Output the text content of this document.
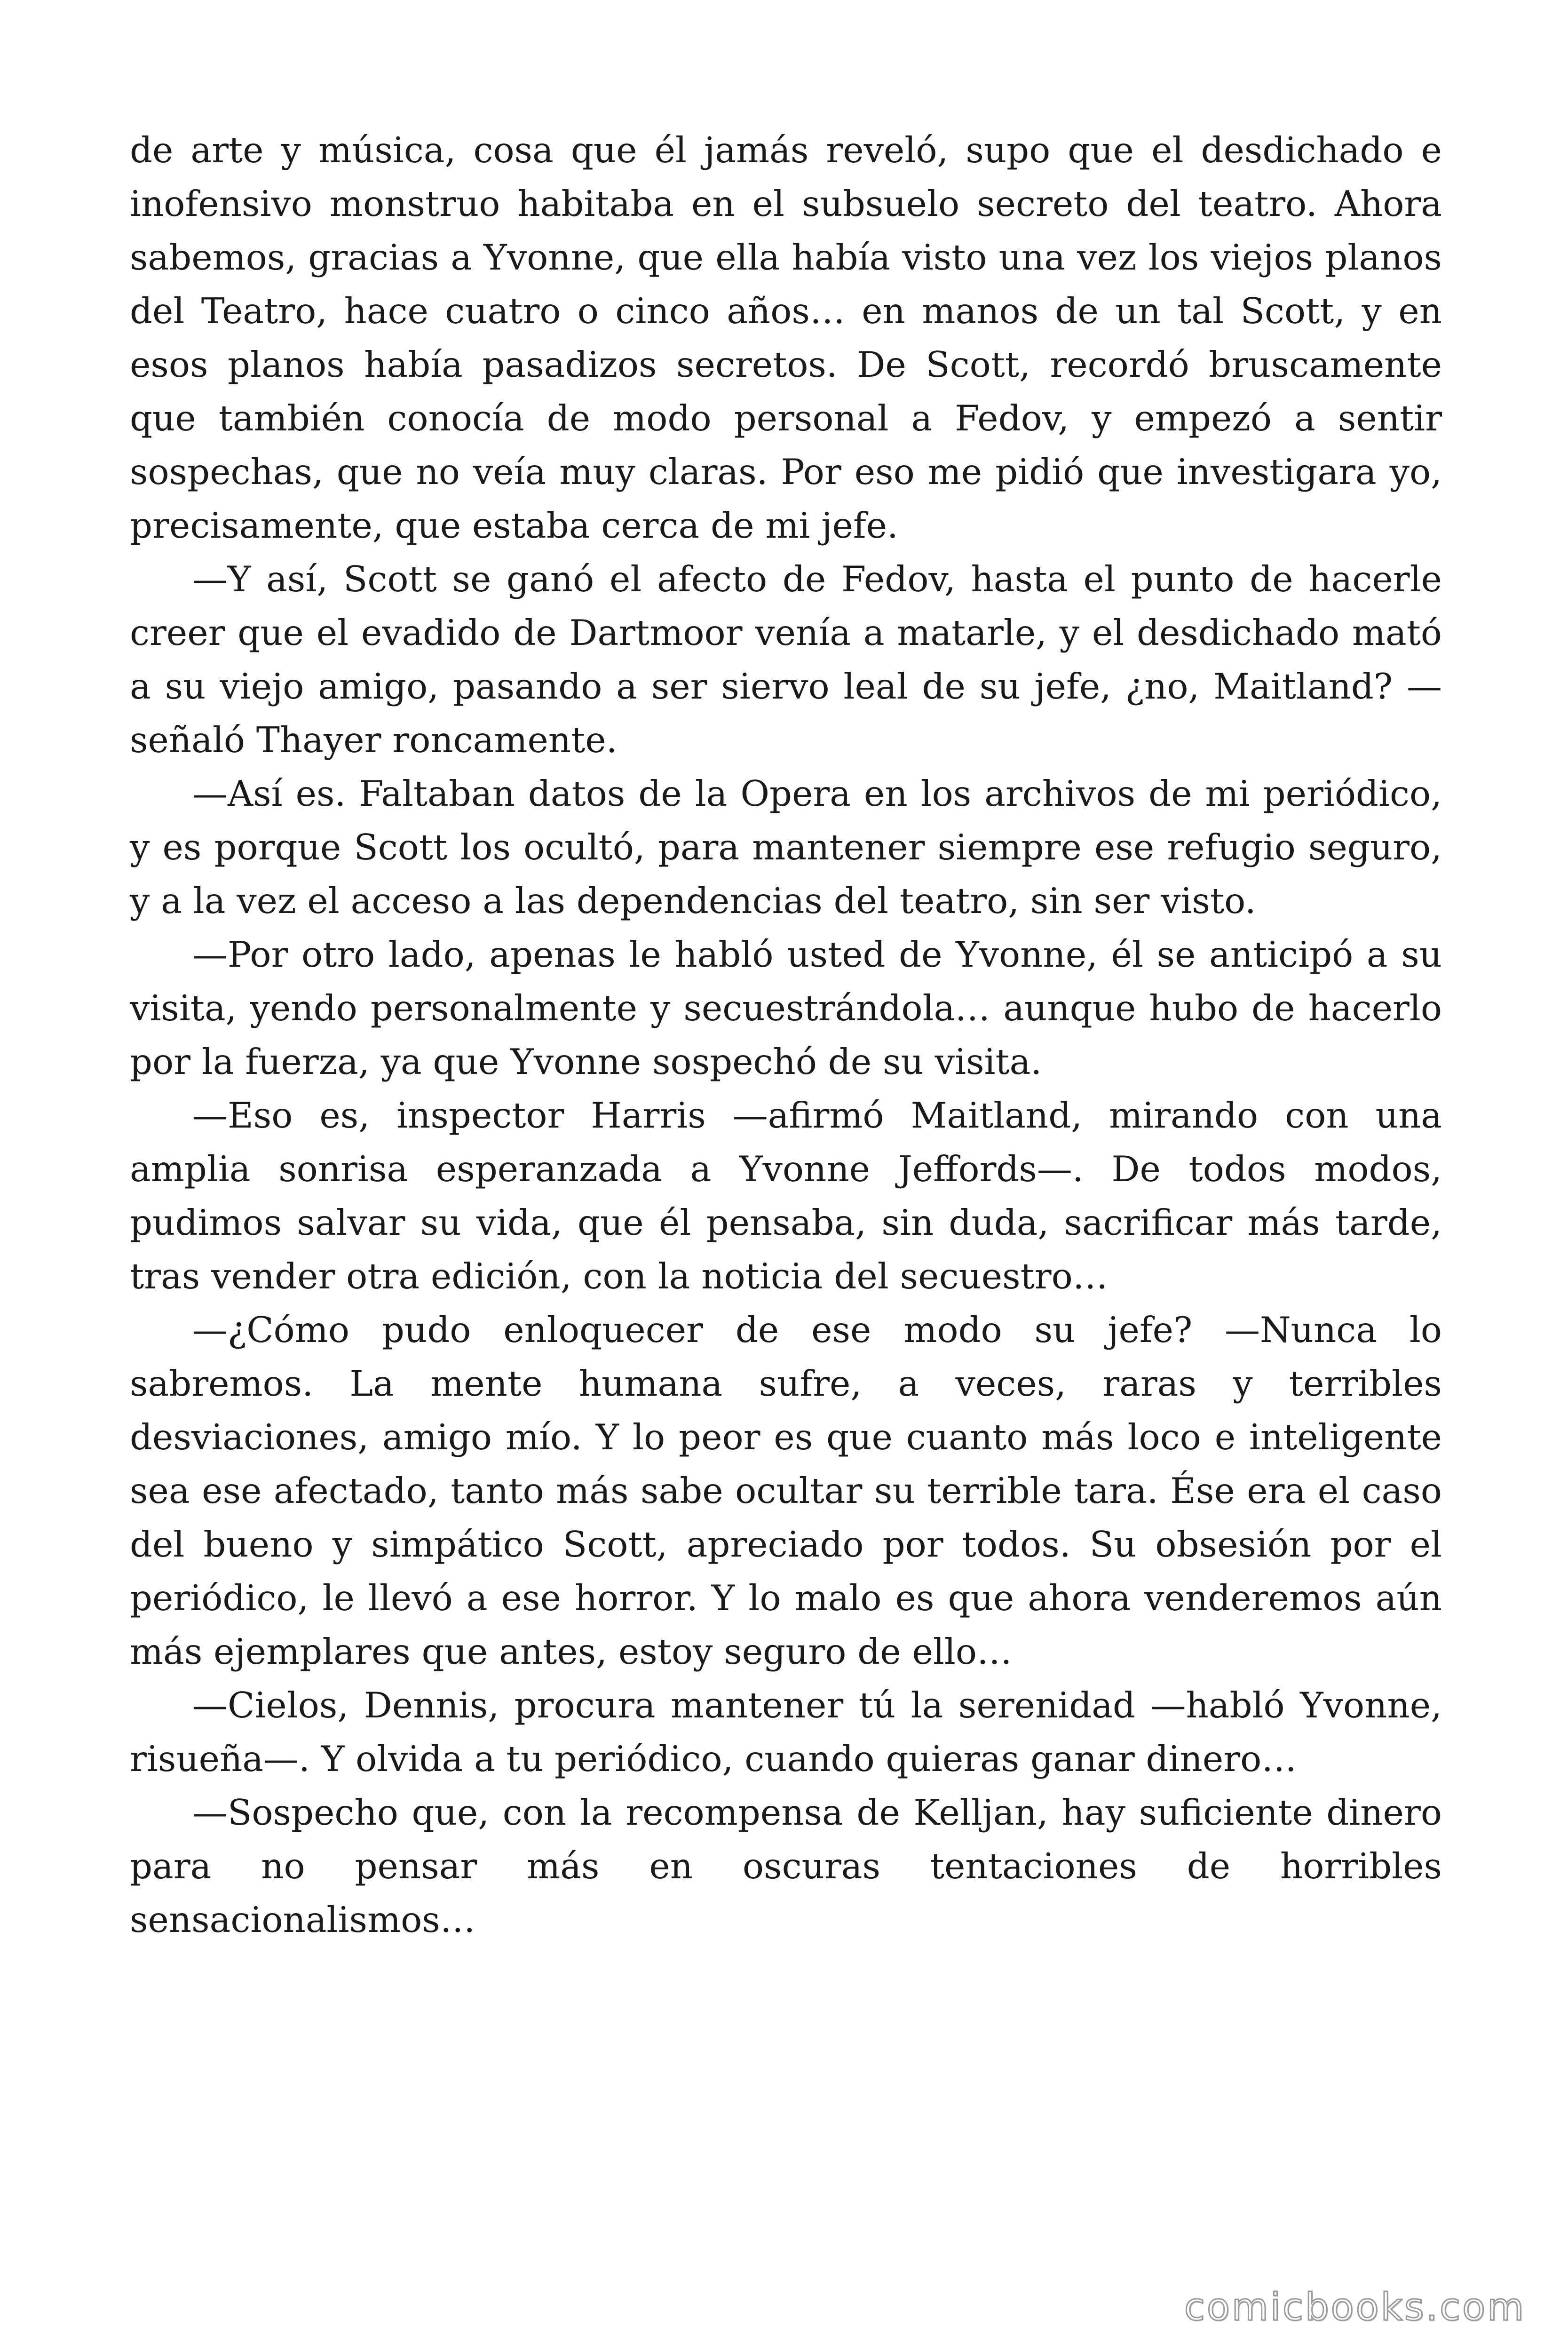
de arte y música, cosa que él jamás reveló, supo que el desdichado e inofensivo monstruo habitaba en el subsuelo secreto del teatro. Ahora sabemos, gracias a Yvonne, que ella había visto una vez los viejos planos del Teatro, hace cuatro o cinco años… en manos de un tal Scott, y en esos planos había pasadizos secretos. De Scott, recordó bruscamente que también conocía de modo personal a Fedov, y empezó a sentir sospechas, que no veía muy claras. Por eso me pidió que investigara yo, precisamente, que estaba cerca de mi jefe.

—Y así, Scott se ganó el afecto de Fedov, hasta el punto de hacerle creer que el evadido de Dartmoor venía a matarle, y el desdichado mató a su viejo amigo, pasando a ser siervo leal de su jefe, ¿no, Maitland? —señaló Thayer roncamente.

—Así es. Faltaban datos de la Opera en los archivos de mi periódico, y es porque Scott los ocultó, para mantener siempre ese refugio seguro, y a la vez el acceso a las dependencias del teatro, sin ser visto.

—Por otro lado, apenas le habló usted de Yvonne, él se anticipó a su visita, yendo personalmente y secuestrándola… aunque hubo de hacerlo por la fuerza, ya que Yvonne sospechó de su visita.

—Eso es, inspector Harris —afirmó Maitland, mirando con una amplia sonrisa esperanzada a Yvonne Jeffords—. De todos modos, pudimos salvar su vida, que él pensaba, sin duda, sacrificar más tarde, tras vender otra edición, con la noticia del secuestro…

—¿Cómo pudo enloquecer de ese modo su jefe? —Nunca lo sabremos. La mente humana sufre, a veces, raras y terribles desviaciones, amigo mío. Y lo peor es que cuanto más loco e inteligente sea ese afectado, tanto más sabe ocultar su terrible tara. Ése era el caso del bueno y simpático Scott, apreciado por todos. Su obsesión por el periódico, le llevó a ese horror. Y lo malo es que ahora venderemos aún más ejemplares que antes, estoy seguro de ello…

—Cielos, Dennis, procura mantener tú la serenidad —habló Yvonne, risueña—. Y olvida a tu periódico, cuando quieras ganar dinero…

—Sospecho que, con la recompensa de Kelljan, hay suficiente dinero para no pensar más en oscuras tentaciones de horribles sensacionalismos…

comicbooks.com
